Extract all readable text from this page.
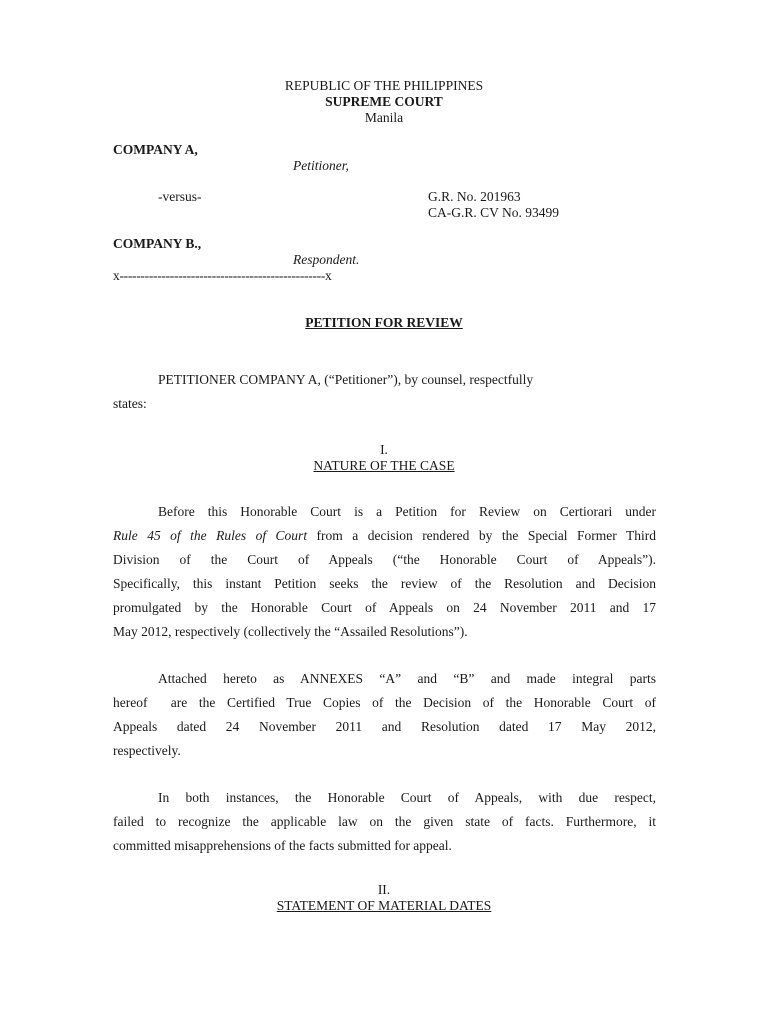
REPUBLIC OF THE PHILIPPINES
SUPREME COURT
Manila
COMPANY A,
Petitioner,
-versus-	G.R. No. 201963
CA-G.R. CV No. 93499
COMPANY B.,
Respondent.
x-------------------------------------------------x
PETITION FOR REVIEW
PETITIONER COMPANY A, (“Petitioner”), by counsel, respectfully
states:
I.
NATURE OF THE CASE
Before this Honorable Court is a Petition for Review on Certiorari under
Rule 45 of the Rules of Court from a decision rendered by the Special Former Third
Division of the Court of Appeals (“the Honorable Court of Appeals”).
Specifically, this instant Petition seeks the review of the Resolution and Decision
promulgated by the Honorable Court of Appeals on 24 November 2011 and 17
May 2012, respectively (collectively the “Assailed Resolutions”).
Attached hereto as ANNEXES “A” and “B” and made integral parts
hereof  are the Certified True Copies of the Decision of the Honorable Court of
Appeals dated 24 November 2011 and Resolution dated 17 May 2012,
respectively.
In both instances, the Honorable Court of Appeals, with due respect,
failed to recognize the applicable law on the given state of facts. Furthermore, it
committed misapprehensions of the facts submitted for appeal.
II.
STATEMENT OF MATERIAL DATES
